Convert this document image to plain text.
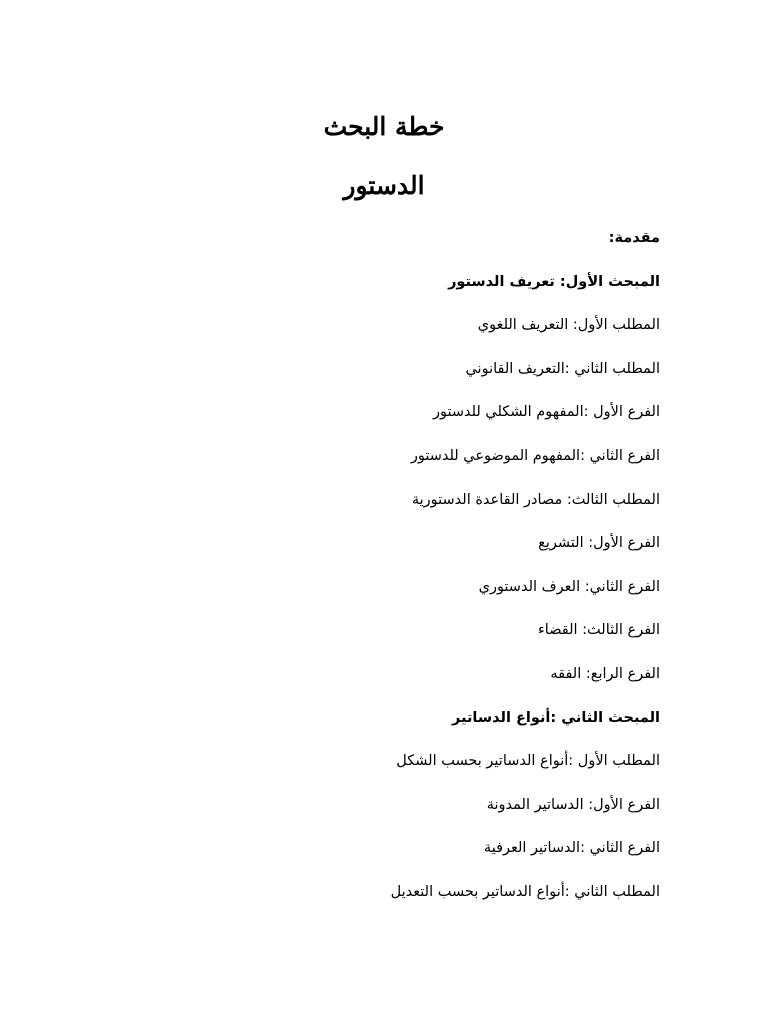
خطة البحث
الدستور
مقدمة:
المبحث الأول: تعريف الدستور
المطلب الأول: التعريف اللغوي
المطلب الثاني :التعريف القانوني
الفرع الأول :المفهوم الشكلي للدستور
الفرع الثاني :المفهوم الموضوعي للدستور
المطلب الثالث: مصادر القاعدة الدستورية
الفرع الأول: التشريع
الفرع الثاني: العرف الدستوري
الفرع الثالث: القضاء
الفرع الرابع: الفقه
المبحث الثاني :أنواع الدساتير
المطلب الأول :أنواع الدساتير بحسب الشكل
الفرع الأول: الدساتير المدونة
الفرع الثاني :الدساتير العرفية
المطلب الثاني :أنواع الدساتير بحسب التعديل
